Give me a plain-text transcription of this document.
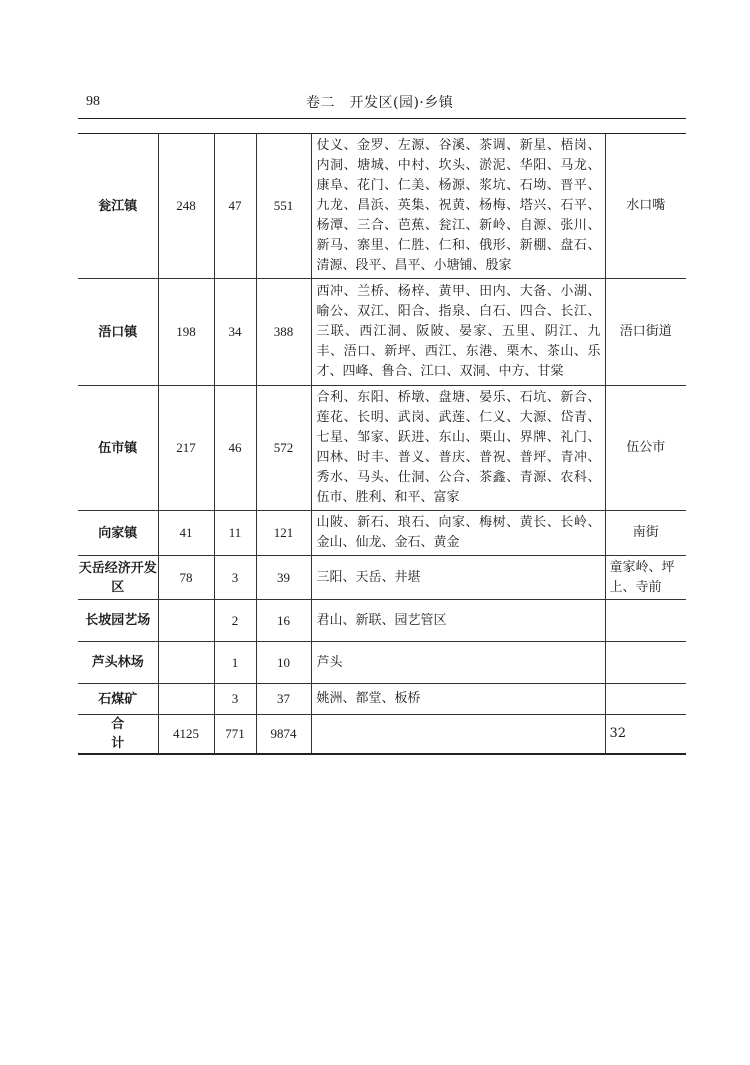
98	卷二　开发区(园)·乡镇
瓮江镇	248	47	551	仗义、金罗、左源、谷溪、茶调、新星、梧岗、内洞、塘城、中村、坎头、淤泥、华阳、马龙、康阜、花门、仁美、杨源、浆坑、石坳、晋平、九龙、昌浜、英集、祝黄、杨梅、塔兴、石平、杨潭、三合、芭蕉、瓮江、新岭、自源、张川、新马、寨里、仁胜、仁和、俄形、新棚、盘石、清源、段平、昌平、小塘铺、殷家	水口嘴
浯口镇	198	34	388	西冲、兰桥、杨梓、黄甲、田内、大备、小湖、喻公、双江、阳合、指泉、白石、四合、长江、三联、西江洞、阪陂、晏家、五里、阴江、九丰、浯口、新坪、西江、东港、栗木、茶山、乐才、四峰、鲁合、江口、双洞、中方、甘棠	浯口街道
伍市镇	217	46	572	合利、东阳、桥墩、盘塘、晏乐、石坑、新合、莲花、长明、武岗、武莲、仁义、大源、岱青、七星、邹家、跃进、东山、栗山、界牌、礼门、四林、时丰、普义、普庆、普祝、普坪、青冲、秀水、马头、仕洞、公合、茶鑫、青源、农科、伍市、胜利、和平、富家	伍公市
向家镇	41	11	121	山陂、新石、琅石、向家、梅树、黄长、长岭、金山、仙龙、金石、黄金	南街
天岳经济开发区	78	3	39	三阳、天岳、井堪	童家岭、坪上、寺前
长坡园艺场		2	16	君山、新联、园艺管区	
芦头林场		1	10	芦头	
石煤矿		3	37	姚洲、都堂、板桥	
合计	4125	771	9874		32
